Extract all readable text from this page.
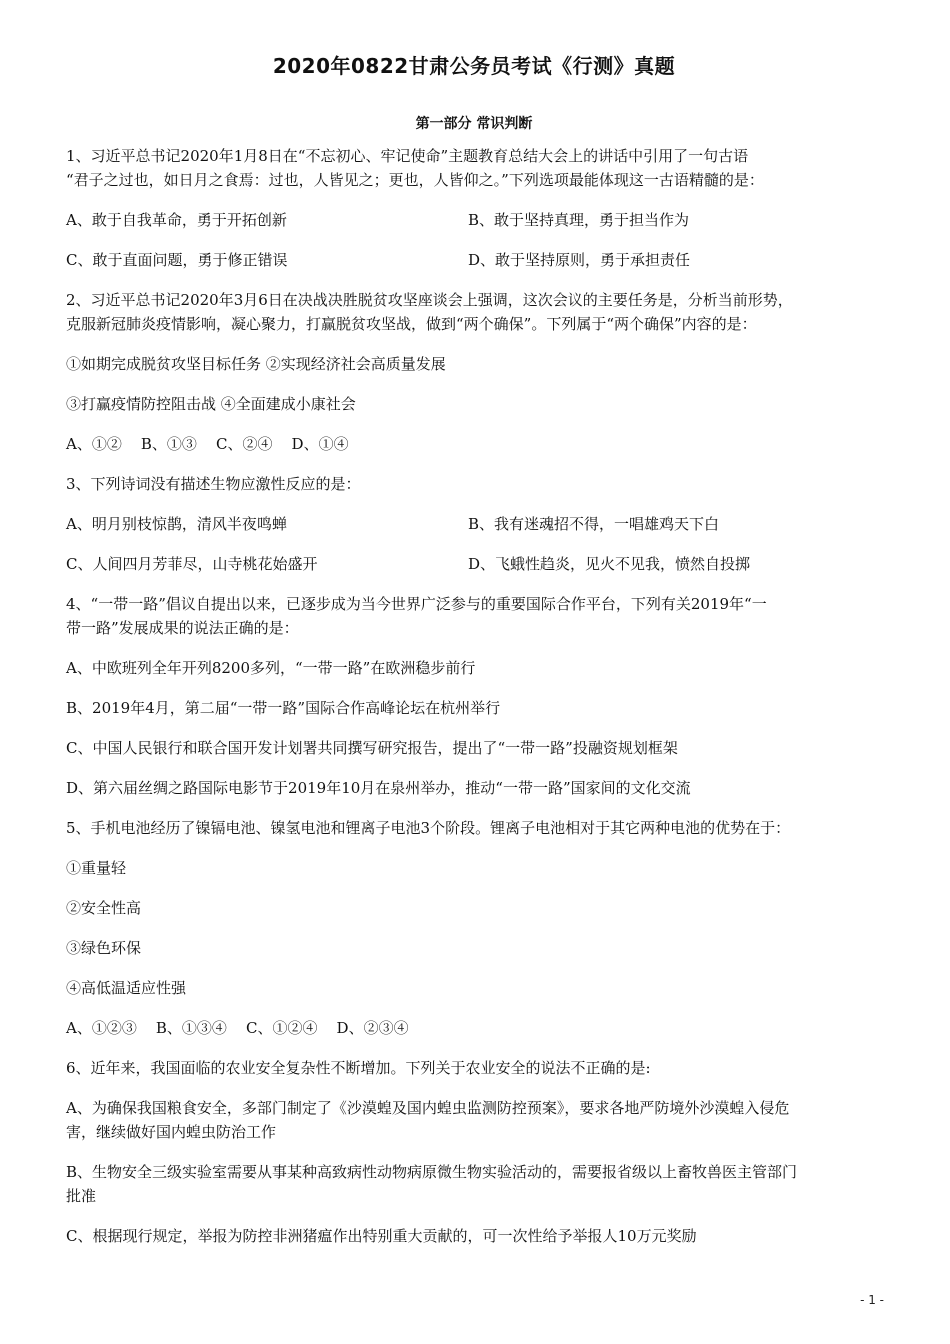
2020年0822甘肃公务员考试《行测》真题
第一部分 常识判断

1、习近平总书记2020年1月8日在“不忘初心、牢记使命”主题教育总结大会上的讲话中引用了一句古语

“君子之过也，如日月之食焉：过也，人皆见之；更也，人皆仰之。”下列选项最能体现这一古语精髓的是：

A、敢于自我革命，勇于开拓创新	B、敢于坚持真理，勇于担当作为
C、敢于直面问题，勇于修正错误	D、敢于坚持原则，勇于承担责任

2、习近平总书记2020年3月6日在决战决胜脱贫攻坚座谈会上强调，这次会议的主要任务是，分析当前形势，

克服新冠肺炎疫情影响，凝心聚力，打赢脱贫攻坚战，做到“两个确保”。下列属于“两个确保”内容的是：

①如期完成脱贫攻坚目标任务 ②实现经济社会高质量发展

③打赢疫情防控阻击战 ④全面建成小康社会

A、①②    B、①③    C、②④    D、①④

3、下列诗词没有描述生物应激性反应的是：

A、明月别枝惊鹊，清风半夜鸣蝉	B、我有迷魂招不得，一唱雄鸡天下白
C、人间四月芳菲尽，山寺桃花始盛开	D、飞蛾性趋炎，见火不见我，愤然自投掷

4、“一带一路”倡议自提出以来，已逐步成为当今世界广泛参与的重要国际合作平台，下列有关2019年“一

带一路”发展成果的说法正确的是：

A、中欧班列全年开列8200多列，“一带一路”在欧洲稳步前行

B、2019年4月，第二届“一带一路”国际合作高峰论坛在杭州举行

C、中国人民银行和联合国开发计划署共同撰写研究报告，提出了“一带一路”投融资规划框架

D、第六届丝绸之路国际电影节于2019年10月在泉州举办，推动“一带一路”国家间的文化交流

5、手机电池经历了镍镉电池、镍氢电池和锂离子电池3个阶段。锂离子电池相对于其它两种电池的优势在于：

①重量轻

②安全性高

③绿色环保

④高低温适应性强

A、①②③    B、①③④    C、①②④    D、②③④

6、近年来，我国面临的农业安全复杂性不断增加。下列关于农业安全的说法不正确的是:

A、为确保我国粮食安全，多部门制定了《沙漠蝗及国内蝗虫监测防控预案》，要求各地严防境外沙漠蝗入侵危

害，继续做好国内蝗虫防治工作

B、生物安全三级实验室需要从事某种高致病性动物病原微生物实验活动的，需要报省级以上畜牧兽医主管部门

批准

C、根据现行规定，举报为防控非洲猪瘟作出特别重大贡献的，可一次性给予举报人10万元奖励

- 1 -
